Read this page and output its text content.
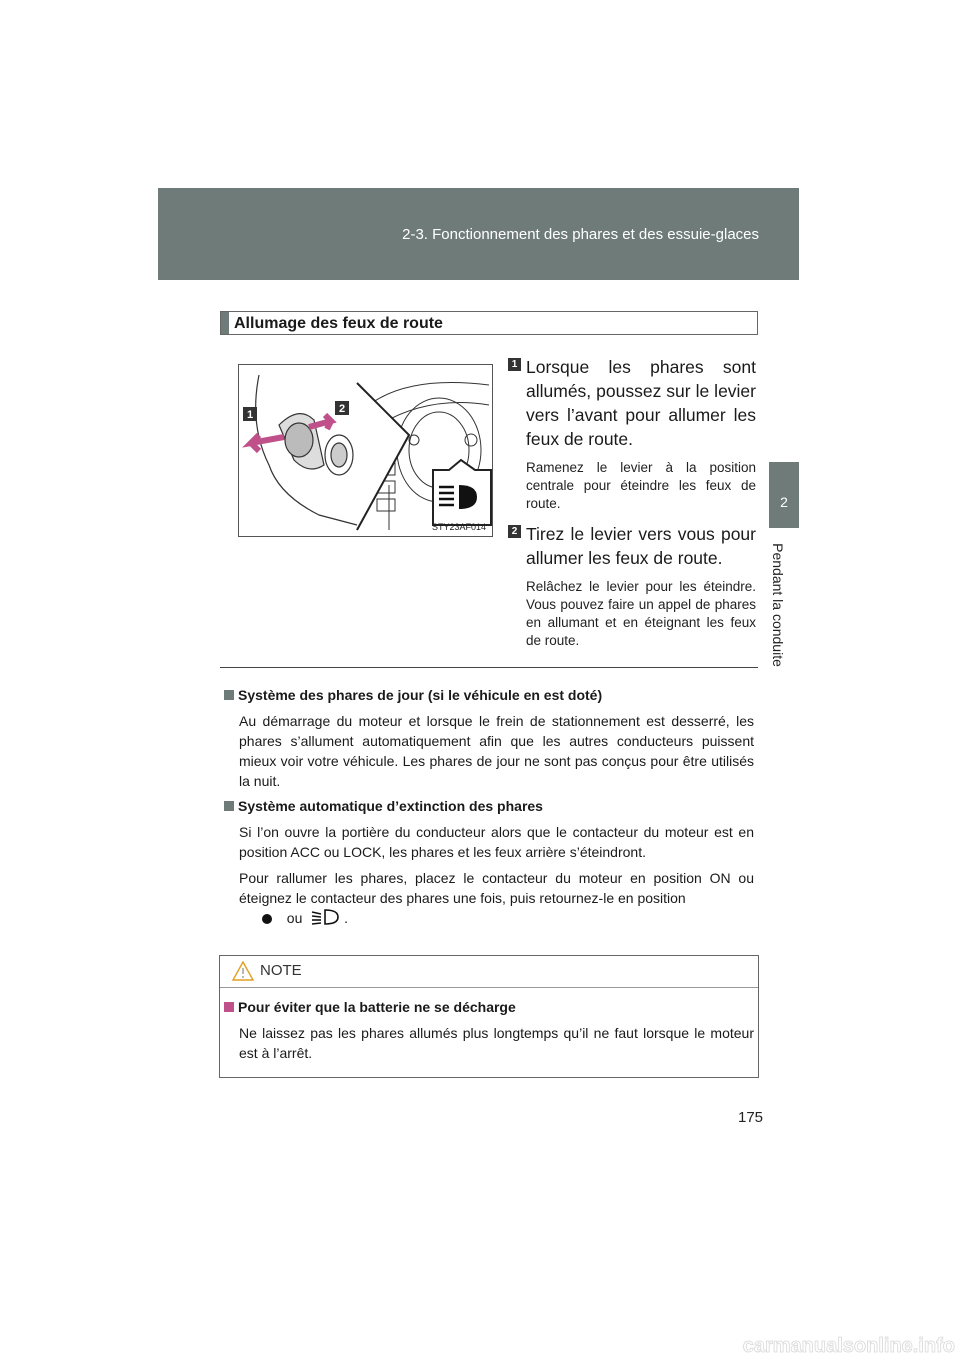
2-3. Fonctionnement des phares et des essuie-glaces
2
Pendant la conduite
Allumage des feux de route
1	2
STY23AF014
1 Lorsque les phares sont allumés, poussez sur le levier vers l’avant pour allumer les feux de route.
Ramenez le levier à la position centrale pour éteindre les feux de route.
2 Tirez le levier vers vous pour allumer les feux de route.
Relâchez le levier pour les éteindre. Vous pouvez faire un appel de phares en allumant et en éteignant les feux de route.
Système des phares de jour (si le véhicule en est doté)
Au démarrage du moteur et lorsque le frein de stationnement est desserré, les phares s’allument automatiquement afin que les autres conducteurs puissent mieux voir votre véhicule. Les phares de jour ne sont pas conçus pour être utilisés la nuit.
Système automatique d’extinction des phares
Si l’on ouvre la portière du conducteur alors que le contacteur du moteur est en position ACC ou LOCK, les phares et les feux arrière s’éteindront.
Pour rallumer les phares, placez le contacteur du moteur en position ON ou éteignez le contacteur des phares une fois, puis retournez-le en position
ou	.
NOTE
Pour éviter que la batterie ne se décharge
Ne laissez pas les phares allumés plus longtemps qu’il ne faut lorsque le moteur est à l’arrêt.
175
carmanualsonline.info
